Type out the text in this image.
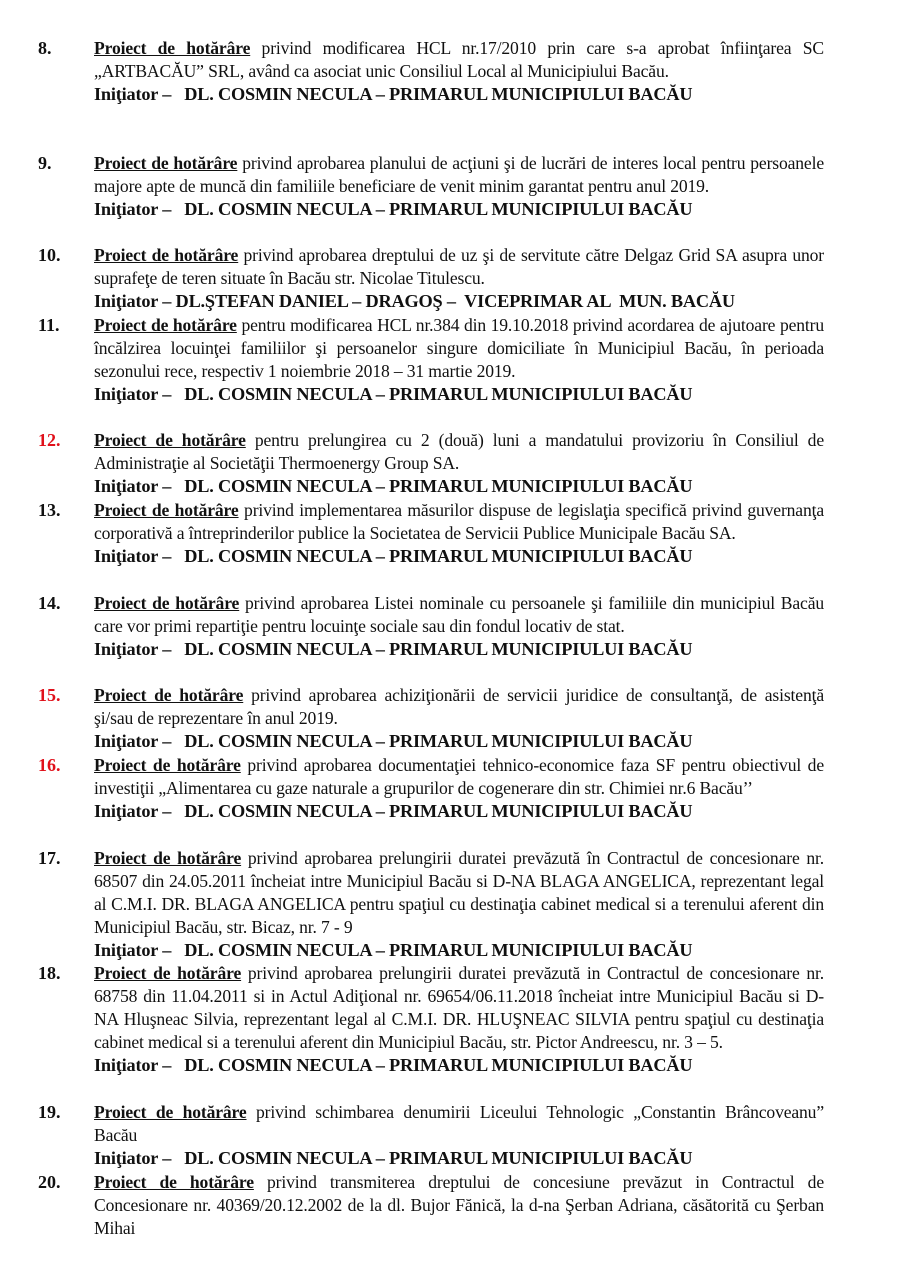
8. Proiect de hotărâre privind modificarea HCL nr.17/2010 prin care s-a aprobat înfiinţarea SC „ARTBACĂU” SRL, având ca asociat unic Consiliul Local al Municipiului Bacău.
Iniţiator –   DL. COSMIN NECULA – PRIMARUL MUNICIPIULUI BACĂU
9. Proiect de hotărâre privind aprobarea planului de acţiuni şi de lucrări de interes local pentru persoanele majore apte de muncă din familiile beneficiare de venit minim garantat pentru anul 2019.
Iniţiator –   DL. COSMIN NECULA – PRIMARUL MUNICIPIULUI BACĂU
10. Proiect de hotărâre privind aprobarea dreptului de uz şi de servitute către Delgaz Grid SA asupra unor suprafeţe de teren situate în Bacău str. Nicolae Titulescu.
Iniţiator – DL.ŞTEFAN DANIEL – DRAGOŞ –  VICEPRIMAR AL  MUN. BACĂU
11. Proiect de hotărâre pentru modificarea HCL nr.384 din 19.10.2018 privind acordarea de ajutoare pentru încălzirea locuinţei familiilor şi persoanelor singure domiciliate în Municipiul Bacău, în perioada sezonului rece, respectiv 1 noiembrie 2018 – 31 martie 2019.
Iniţiator –   DL. COSMIN NECULA – PRIMARUL MUNICIPIULUI BACĂU
12. Proiect de hotărâre pentru prelungirea cu 2 (două) luni a mandatului provizoriu în Consiliul de Administraţie al Societăţii Thermoenergy Group SA.
Iniţiator –   DL. COSMIN NECULA – PRIMARUL MUNICIPIULUI BACĂU
13. Proiect de hotărâre privind implementarea măsurilor dispuse de legislaţia specifică privind guvernanţa corporativă a întreprinderilor publice la Societatea de Servicii Publice Municipale Bacău SA.
Iniţiator –   DL. COSMIN NECULA – PRIMARUL MUNICIPIULUI BACĂU
14. Proiect de hotărâre privind aprobarea Listei nominale cu persoanele şi familiile din municipiul Bacău care vor primi repartiţie pentru locuinţe sociale sau din fondul locativ de stat.
Iniţiator –   DL. COSMIN NECULA – PRIMARUL MUNICIPIULUI BACĂU
15. Proiect de hotărâre privind aprobarea achiziţionării de servicii juridice de consultanţă, de asistenţă şi/sau de reprezentare în anul 2019.
Iniţiator –   DL. COSMIN NECULA – PRIMARUL MUNICIPIULUI BACĂU
16. Proiect de hotărâre privind aprobarea documentaţiei tehnico-economice faza SF pentru obiectivul de investiţii „Alimentarea cu gaze naturale a grupurilor de cogenerare din str. Chimiei nr.6 Bacău’’
Iniţiator –   DL. COSMIN NECULA – PRIMARUL MUNICIPIULUI BACĂU
17. Proiect de hotărâre privind aprobarea prelungirii duratei prevăzută în Contractul de concesionare nr. 68507 din 24.05.2011 încheiat intre Municipiul Bacău si D-NA BLAGA ANGELICA, reprezentant legal al C.M.I. DR. BLAGA ANGELICA pentru spaţiul cu destinaţia cabinet medical si a terenului aferent din Municipiul Bacău, str. Bicaz, nr. 7 - 9
Iniţiator –   DL. COSMIN NECULA – PRIMARUL MUNICIPIULUI BACĂU
18. Proiect de hotărâre privind aprobarea prelungirii duratei prevăzută in Contractul de concesionare nr. 68758 din 11.04.2011 si in Actul Adiţional nr. 69654/06.11.2018 încheiat intre Municipiul Bacău si D-NA Hluşneac Silvia, reprezentant legal al C.M.I. DR. HLUŞNEAC SILVIA pentru spaţiul cu destinaţia cabinet medical si a terenului aferent din Municipiul Bacău, str. Pictor Andreescu, nr. 3 – 5.
Iniţiator –   DL. COSMIN NECULA – PRIMARUL MUNICIPIULUI BACĂU
19. Proiect de hotărâre privind schimbarea denumirii Liceului Tehnologic „Constantin Brâncoveanu” Bacău
Iniţiator –   DL. COSMIN NECULA – PRIMARUL MUNICIPIULUI BACĂU
20. Proiect de hotărâre privind transmiterea dreptului de concesiune prevăzut in Contractul de Concesionare nr. 40369/20.12.2002 de la dl. Bujor Fănică, la d-na Şerban Adriana, căsătorită cu Şerban Mihai
